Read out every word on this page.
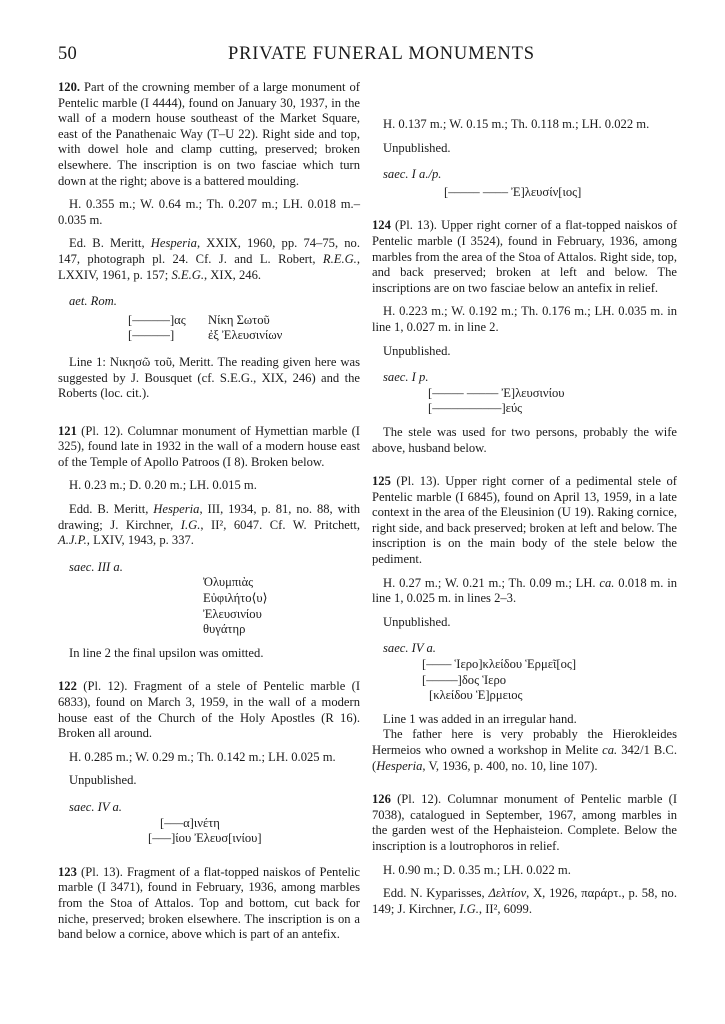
50	PRIVATE FUNERAL MONUMENTS

120. Part of the crowning member of a large monument of Pentelic marble (I 4444), found on January 30, 1937, in the wall of a modern house southeast of the Market Square, east of the Panathenaic Way (T–U 22). Right side and top, with dowel hole and clamp cutting, preserved; broken elsewhere. The inscription is on two fasciae which turn down at the right; above is a battered moulding.

H. 0.355 m.; W. 0.64 m.; Th. 0.207 m.; LH. 0.018 m.–0.035 m.

Ed. B. Meritt, Hesperia, XXIX, 1960, pp. 74–75, no. 147, photograph pl. 24. Cf. J. and L. Robert, R.E.G., LXXIV, 1961, p. 157; S.E.G., XIX, 246.

aet. Rom.
[––––––]ας	Νίκη Σωτοῦ
[––––––]	ἐξ Ἐλευσινίων

Line 1: Νικησῶ τοῦ, Meritt. The reading given here was suggested by J. Bousquet (cf. S.E.G., XIX, 246) and the Roberts (loc. cit.).

121 (Pl. 12). Columnar monument of Hymettian marble (I 325), found late in 1932 in the wall of a modern house east of the Temple of Apollo Patroos (I 8). Broken below.

H. 0.23 m.; D. 0.20 m.; LH. 0.015 m.

Edd. B. Meritt, Hesperia, III, 1934, p. 81, no. 88, with drawing; J. Kirchner, I.G., II², 6047. Cf. W. Pritchett, A.J.P., LXIV, 1943, p. 337.

saec. III a.
Ὀλυμπιὰς
Εὐφιλήτο⟨υ⟩
Ἐλευσινίου
θυγάτηρ

In line 2 the final upsilon was omitted.

122 (Pl. 12). Fragment of a stele of Pentelic marble (I 6833), found on March 3, 1959, in the wall of a modern house east of the Church of the Holy Apostles (R 16). Broken all around.

H. 0.285 m.; W. 0.29 m.; Th. 0.142 m.; LH. 0.025 m.

Unpublished.

saec. IV a.
[–––α]ινέτη
[–––]ίου Ἐλευσ[ινίου]

123 (Pl. 13). Fragment of a flat-topped naiskos of Pentelic marble (I 3471), found in February, 1936, among marbles from the Stoa of Attalos. Top and bottom, cut back for niche, preserved; broken elsewhere. The inscription is on a band below a cornice, above which is part of an antefix.

H. 0.137 m.; W. 0.15 m.; Th. 0.118 m.; LH. 0.022 m.

Unpublished.

saec. I a./p.
[––––– –––– Ἐ]λευσίν[ιος]

124 (Pl. 13). Upper right corner of a flat-topped naiskos of Pentelic marble (I 3524), found in February, 1936, among marbles from the area of the Stoa of Attalos. Right side, top, and back preserved; broken at left and below. The inscriptions are on two fasciae below an antefix in relief.

H. 0.223 m.; W. 0.192 m.; Th. 0.176 m.; LH. 0.035 m. in line 1, 0.027 m. in line 2.

Unpublished.

saec. I p.
[––––– ––––– Ἐ]λευσινίου
[–––––––––––]εύς

The stele was used for two persons, probably the wife above, husband below.

125 (Pl. 13). Upper right corner of a pedimental stele of Pentelic marble (I 6845), found on April 13, 1959, in a late context in the area of the Eleusinion (U 19). Raking cornice, right side, and back preserved; broken at left and below. The inscription is on the main body of the stele below the pediment.

H. 0.27 m.; W. 0.21 m.; Th. 0.09 m.; LH. ca. 0.018 m. in line 1, 0.025 m. in lines 2–3.

Unpublished.

saec. IV a.
[–––– Ἱερο]κλείδου Ἑρμεῖ[ος]
[–––––]δος Ἱερο
[κλείδου Ἑ]ρμειος

Line 1 was added in an irregular hand.

The father here is very probably the Hierokleides Hermeios who owned a workshop in Melite ca. 342/1 B.C. (Hesperia, V, 1936, p. 400, no. 10, line 107).

126 (Pl. 12). Columnar monument of Pentelic marble (I 7038), catalogued in September, 1967, among marbles in the garden west of the Hephaisteion. Complete. Below the inscription is a loutrophoros in relief.

H. 0.90 m.; D. 0.35 m.; LH. 0.022 m.

Edd. N. Kyparisses, Δελτίον, X, 1926, παράρτ., p. 58, no. 149; J. Kirchner, I.G., II², 6099.
